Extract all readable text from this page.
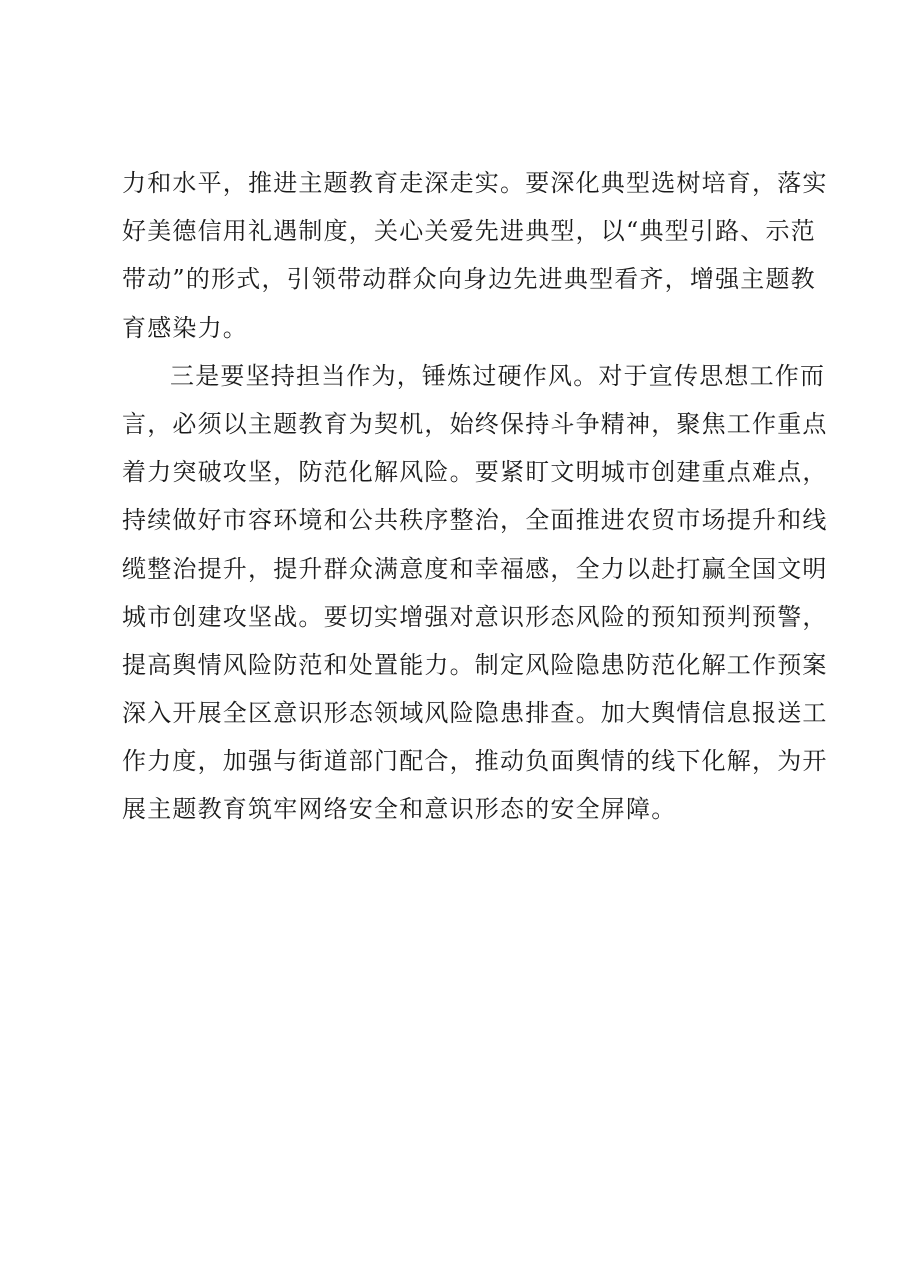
力和水平，推进主题教育走深走实。要深化典型选树培育，落实
好美德信用礼遇制度，关心关爱先进典型，以“典型引路、示范
带动”的形式，引领带动群众向身边先进典型看齐，增强主题教
育感染力。
三是要坚持担当作为，锤炼过硬作风。对于宣传思想工作而
言，必须以主题教育为契机，始终保持斗争精神，聚焦工作重点
着力突破攻坚，防范化解风险。要紧盯文明城市创建重点难点，
持续做好市容环境和公共秩序整治，全面推进农贸市场提升和线
缆整治提升，提升群众满意度和幸福感，全力以赴打赢全国文明
城市创建攻坚战。要切实增强对意识形态风险的预知预判预警，
提高舆情风险防范和处置能力。制定风险隐患防范化解工作预案
深入开展全区意识形态领域风险隐患排查。加大舆情信息报送工
作力度，加强与街道部门配合，推动负面舆情的线下化解，为开
展主题教育筑牢网络安全和意识形态的安全屏障。
